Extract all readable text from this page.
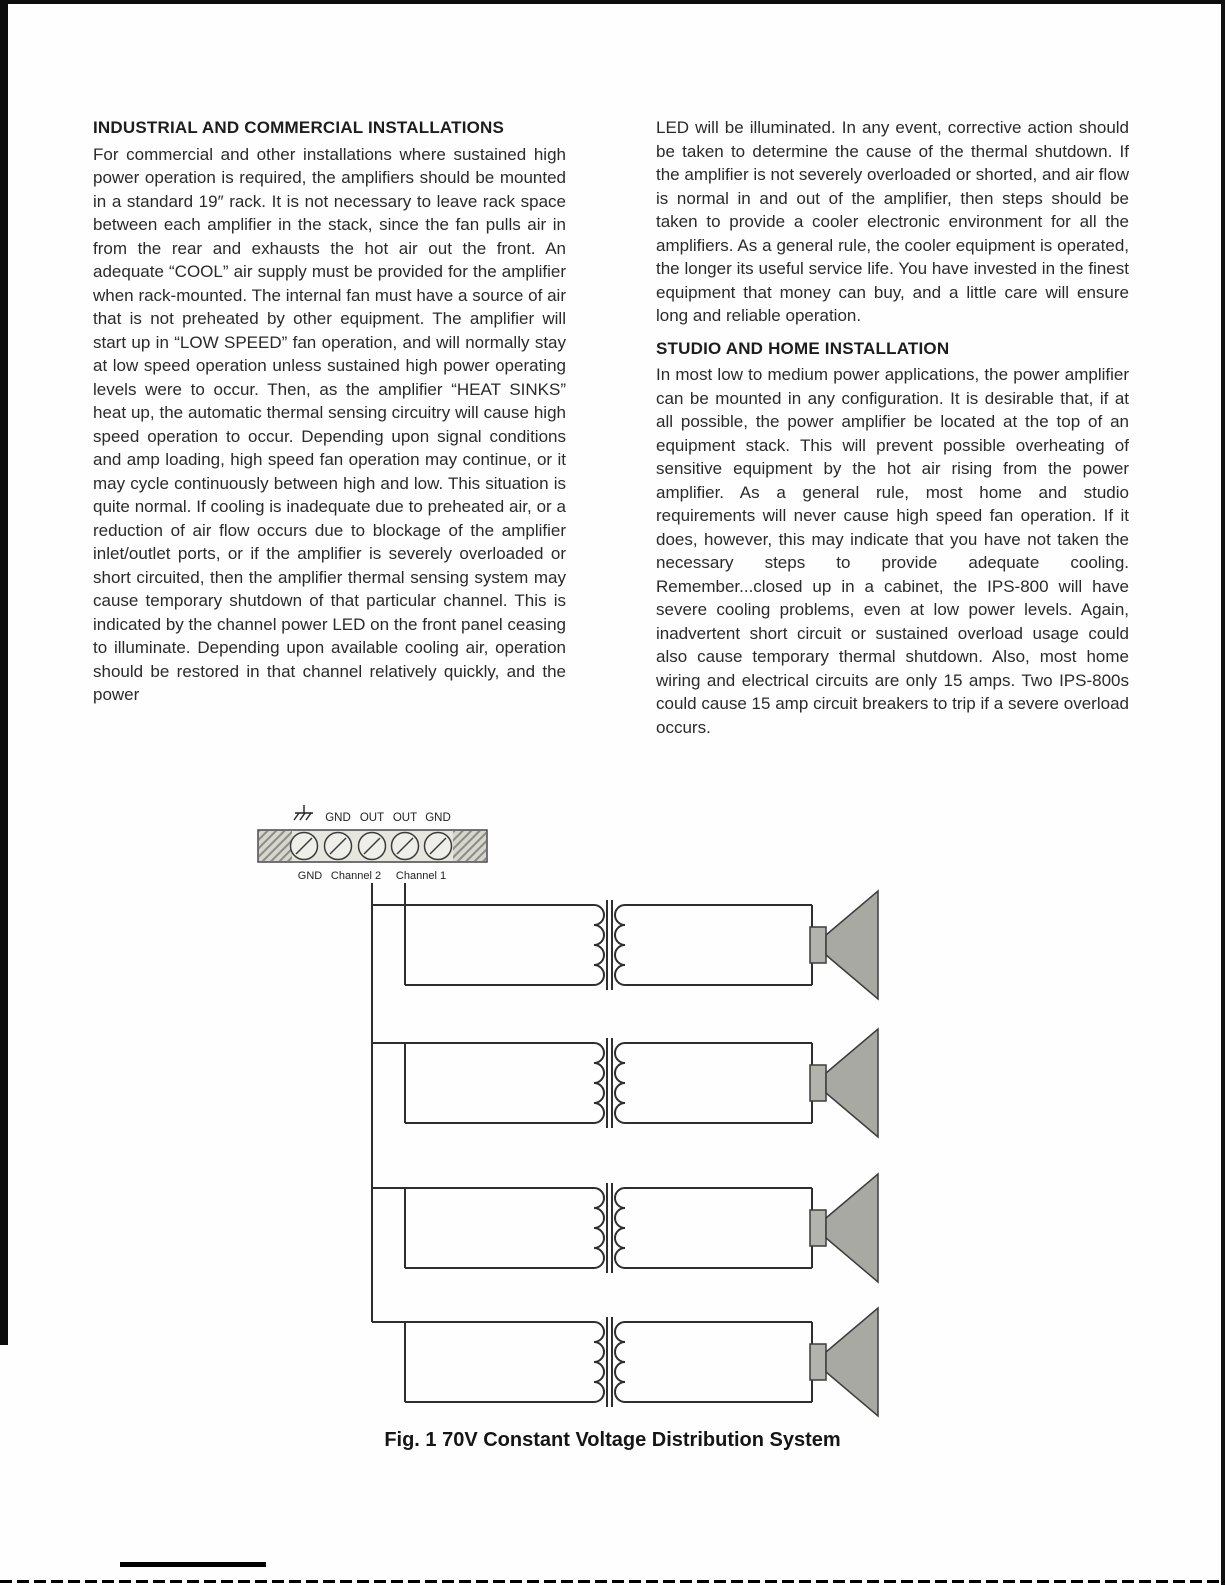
INDUSTRIAL AND COMMERCIAL INSTALLATIONS

For commercial and other installations where sustained high power operation is required, the amplifiers should be mounted in a standard 19″ rack. It is not necessary to leave rack space between each amplifier in the stack, since the fan pulls air in from the rear and exhausts the hot air out the front. An adequate “COOL” air supply must be provided for the amplifier when rack-mounted. The internal fan must have a source of air that is not preheated by other equipment. The amplifier will start up in “LOW SPEED” fan operation, and will normally stay at low speed operation unless sustained high power operating levels were to occur. Then, as the amplifier “HEAT SINKS” heat up, the automatic thermal sensing circuitry will cause high speed operation to occur. Depending upon signal conditions and amp loading, high speed fan operation may continue, or it may cycle continuously between high and low. This situation is quite normal. If cooling is inadequate due to preheated air, or a reduction of air flow occurs due to blockage of the amplifier inlet/outlet ports, or if the amplifier is severely overloaded or short circuited, then the amplifier thermal sensing system may cause temporary shutdown of that particular channel. This is indicated by the channel power LED on the front panel ceasing to illuminate. Depending upon available cooling air, operation should be restored in that channel relatively quickly, and the power

LED will be illuminated. In any event, corrective action should be taken to determine the cause of the thermal shutdown. If the amplifier is not severely overloaded or shorted, and air flow is normal in and out of the amplifier, then steps should be taken to provide a cooler electronic environment for all the amplifiers. As a general rule, the cooler equipment is operated, the longer its useful service life. You have invested in the finest equipment that money can buy, and a little care will ensure long and reliable operation.

STUDIO AND HOME INSTALLATION

In most low to medium power applications, the power amplifier can be mounted in any configuration. It is desirable that, if at all possible, the power amplifier be located at the top of an equipment stack. This will prevent possible overheating of sensitive equipment by the hot air rising from the power amplifier. As a general rule, most home and studio requirements will never cause high speed fan operation. If it does, however, this may indicate that you have not taken the necessary steps to provide adequate cooling. Remember...closed up in a cabinet, the IPS-800 will have severe cooling problems, even at low power levels. Again, inadvertent short circuit or sustained overload usage could also cause temporary thermal shutdown. Also, most home wiring and electrical circuits are only 15 amps. Two IPS-800s could cause 15 amp circuit breakers to trip if a severe overload occurs.

GND OUT OUT GND
GND Channel 2 Channel 1
Fig. 1 70V Constant Voltage Distribution System
